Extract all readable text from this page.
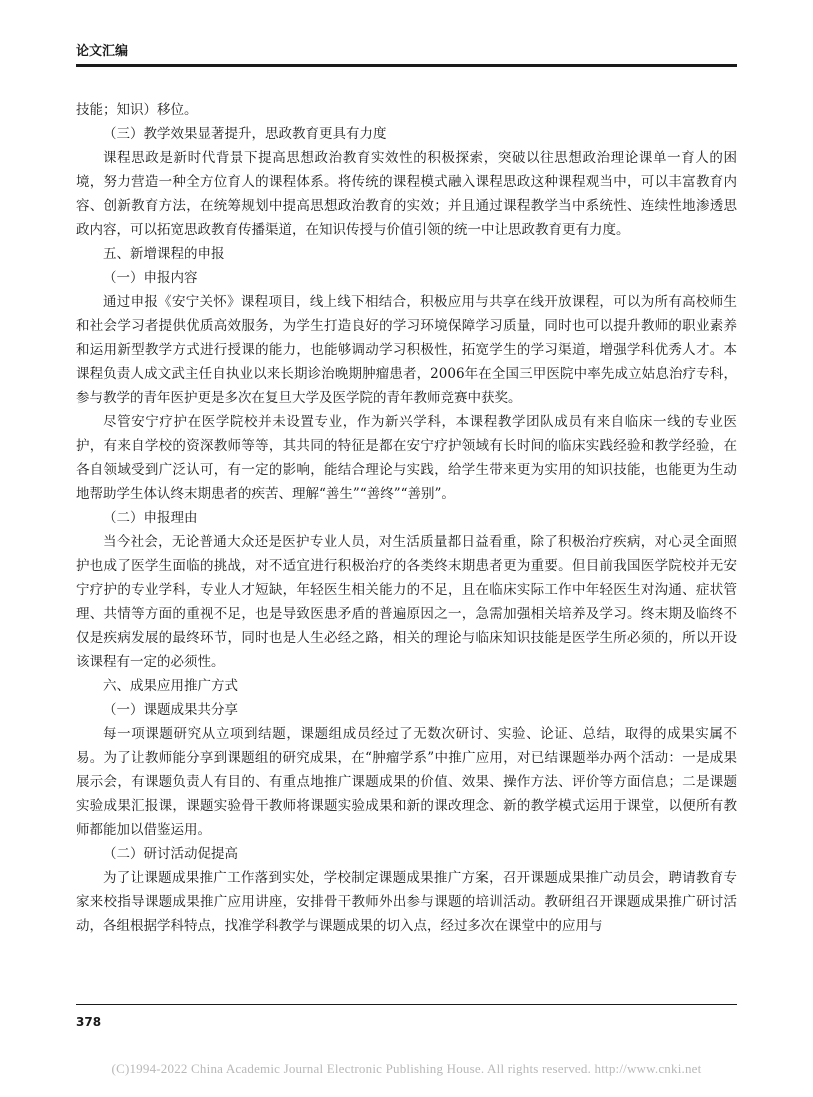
论文汇编
技能；知识）移位。
（三）教学效果显著提升，思政教育更具有力度
课程思政是新时代背景下提高思想政治教育实效性的积极探索，突破以往思想政治理论课单一育人的困境，努力营造一种全方位育人的课程体系。将传统的课程模式融入课程思政这种课程观当中，可以丰富教育内容、创新教育方法，在统筹规划中提高思想政治教育的实效；并且通过课程教学当中系统性、连续性地渗透思政内容，可以拓宽思政教育传播渠道，在知识传授与价值引领的统一中让思政教育更有力度。
五、新增课程的申报
（一）申报内容
通过申报《安宁关怀》课程项目，线上线下相结合，积极应用与共享在线开放课程，可以为所有高校师生和社会学习者提供优质高效服务，为学生打造良好的学习环境保障学习质量，同时也可以提升教师的职业素养和运用新型教学方式进行授课的能力，也能够调动学习积极性，拓宽学生的学习渠道，增强学科优秀人才。本课程负责人成文武主任自执业以来长期诊治晚期肿瘤患者，2006年在全国三甲医院中率先成立姑息治疗专科，参与教学的青年医护更是多次在复旦大学及医学院的青年教师竞赛中获奖。
尽管安宁疗护在医学院校并未设置专业，作为新兴学科，本课程教学团队成员有来自临床一线的专业医护，有来自学校的资深教师等等，其共同的特征是都在安宁疗护领域有长时间的临床实践经验和教学经验，在各自领域受到广泛认可，有一定的影响，能结合理论与实践，给学生带来更为实用的知识技能，也能更为生动地帮助学生体认终末期患者的疾苦、理解“善生”“善终”“善别”。
（二）申报理由
当今社会，无论普通大众还是医护专业人员，对生活质量都日益看重，除了积极治疗疾病，对心灵全面照护也成了医学生面临的挑战，对不适宜进行积极治疗的各类终末期患者更为重要。但目前我国医学院校并无安宁疗护的专业学科，专业人才短缺，年轻医生相关能力的不足，且在临床实际工作中年轻医生对沟通、症状管理、共情等方面的重视不足，也是导致医患矛盾的普遍原因之一，急需加强相关培养及学习。终末期及临终不仅是疾病发展的最终环节，同时也是人生必经之路，相关的理论与临床知识技能是医学生所必须的，所以开设该课程有一定的必须性。
六、成果应用推广方式
（一）课题成果共分享
每一项课题研究从立项到结题，课题组成员经过了无数次研讨、实验、论证、总结，取得的成果实属不易。为了让教师能分享到课题组的研究成果，在“肿瘤学系”中推广应用，对已结课题举办两个活动：一是成果展示会，有课题负责人有目的、有重点地推广课题成果的价值、效果、操作方法、评价等方面信息；二是课题实验成果汇报课，课题实验骨干教师将课题实验成果和新的课改理念、新的教学模式运用于课堂，以便所有教师都能加以借鉴运用。
（二）研讨活动促提高
为了让课题成果推广工作落到实处，学校制定课题成果推广方案，召开课题成果推广动员会，聘请教育专家来校指导课题成果推广应用讲座，安排骨干教师外出参与课题的培训活动。教研组召开课题成果推广研讨活动，各组根据学科特点，找准学科教学与课题成果的切入点，经过多次在课堂中的应用与
378
(C)1994-2022 China Academic Journal Electronic Publishing House. All rights reserved. http://www.cnki.net
